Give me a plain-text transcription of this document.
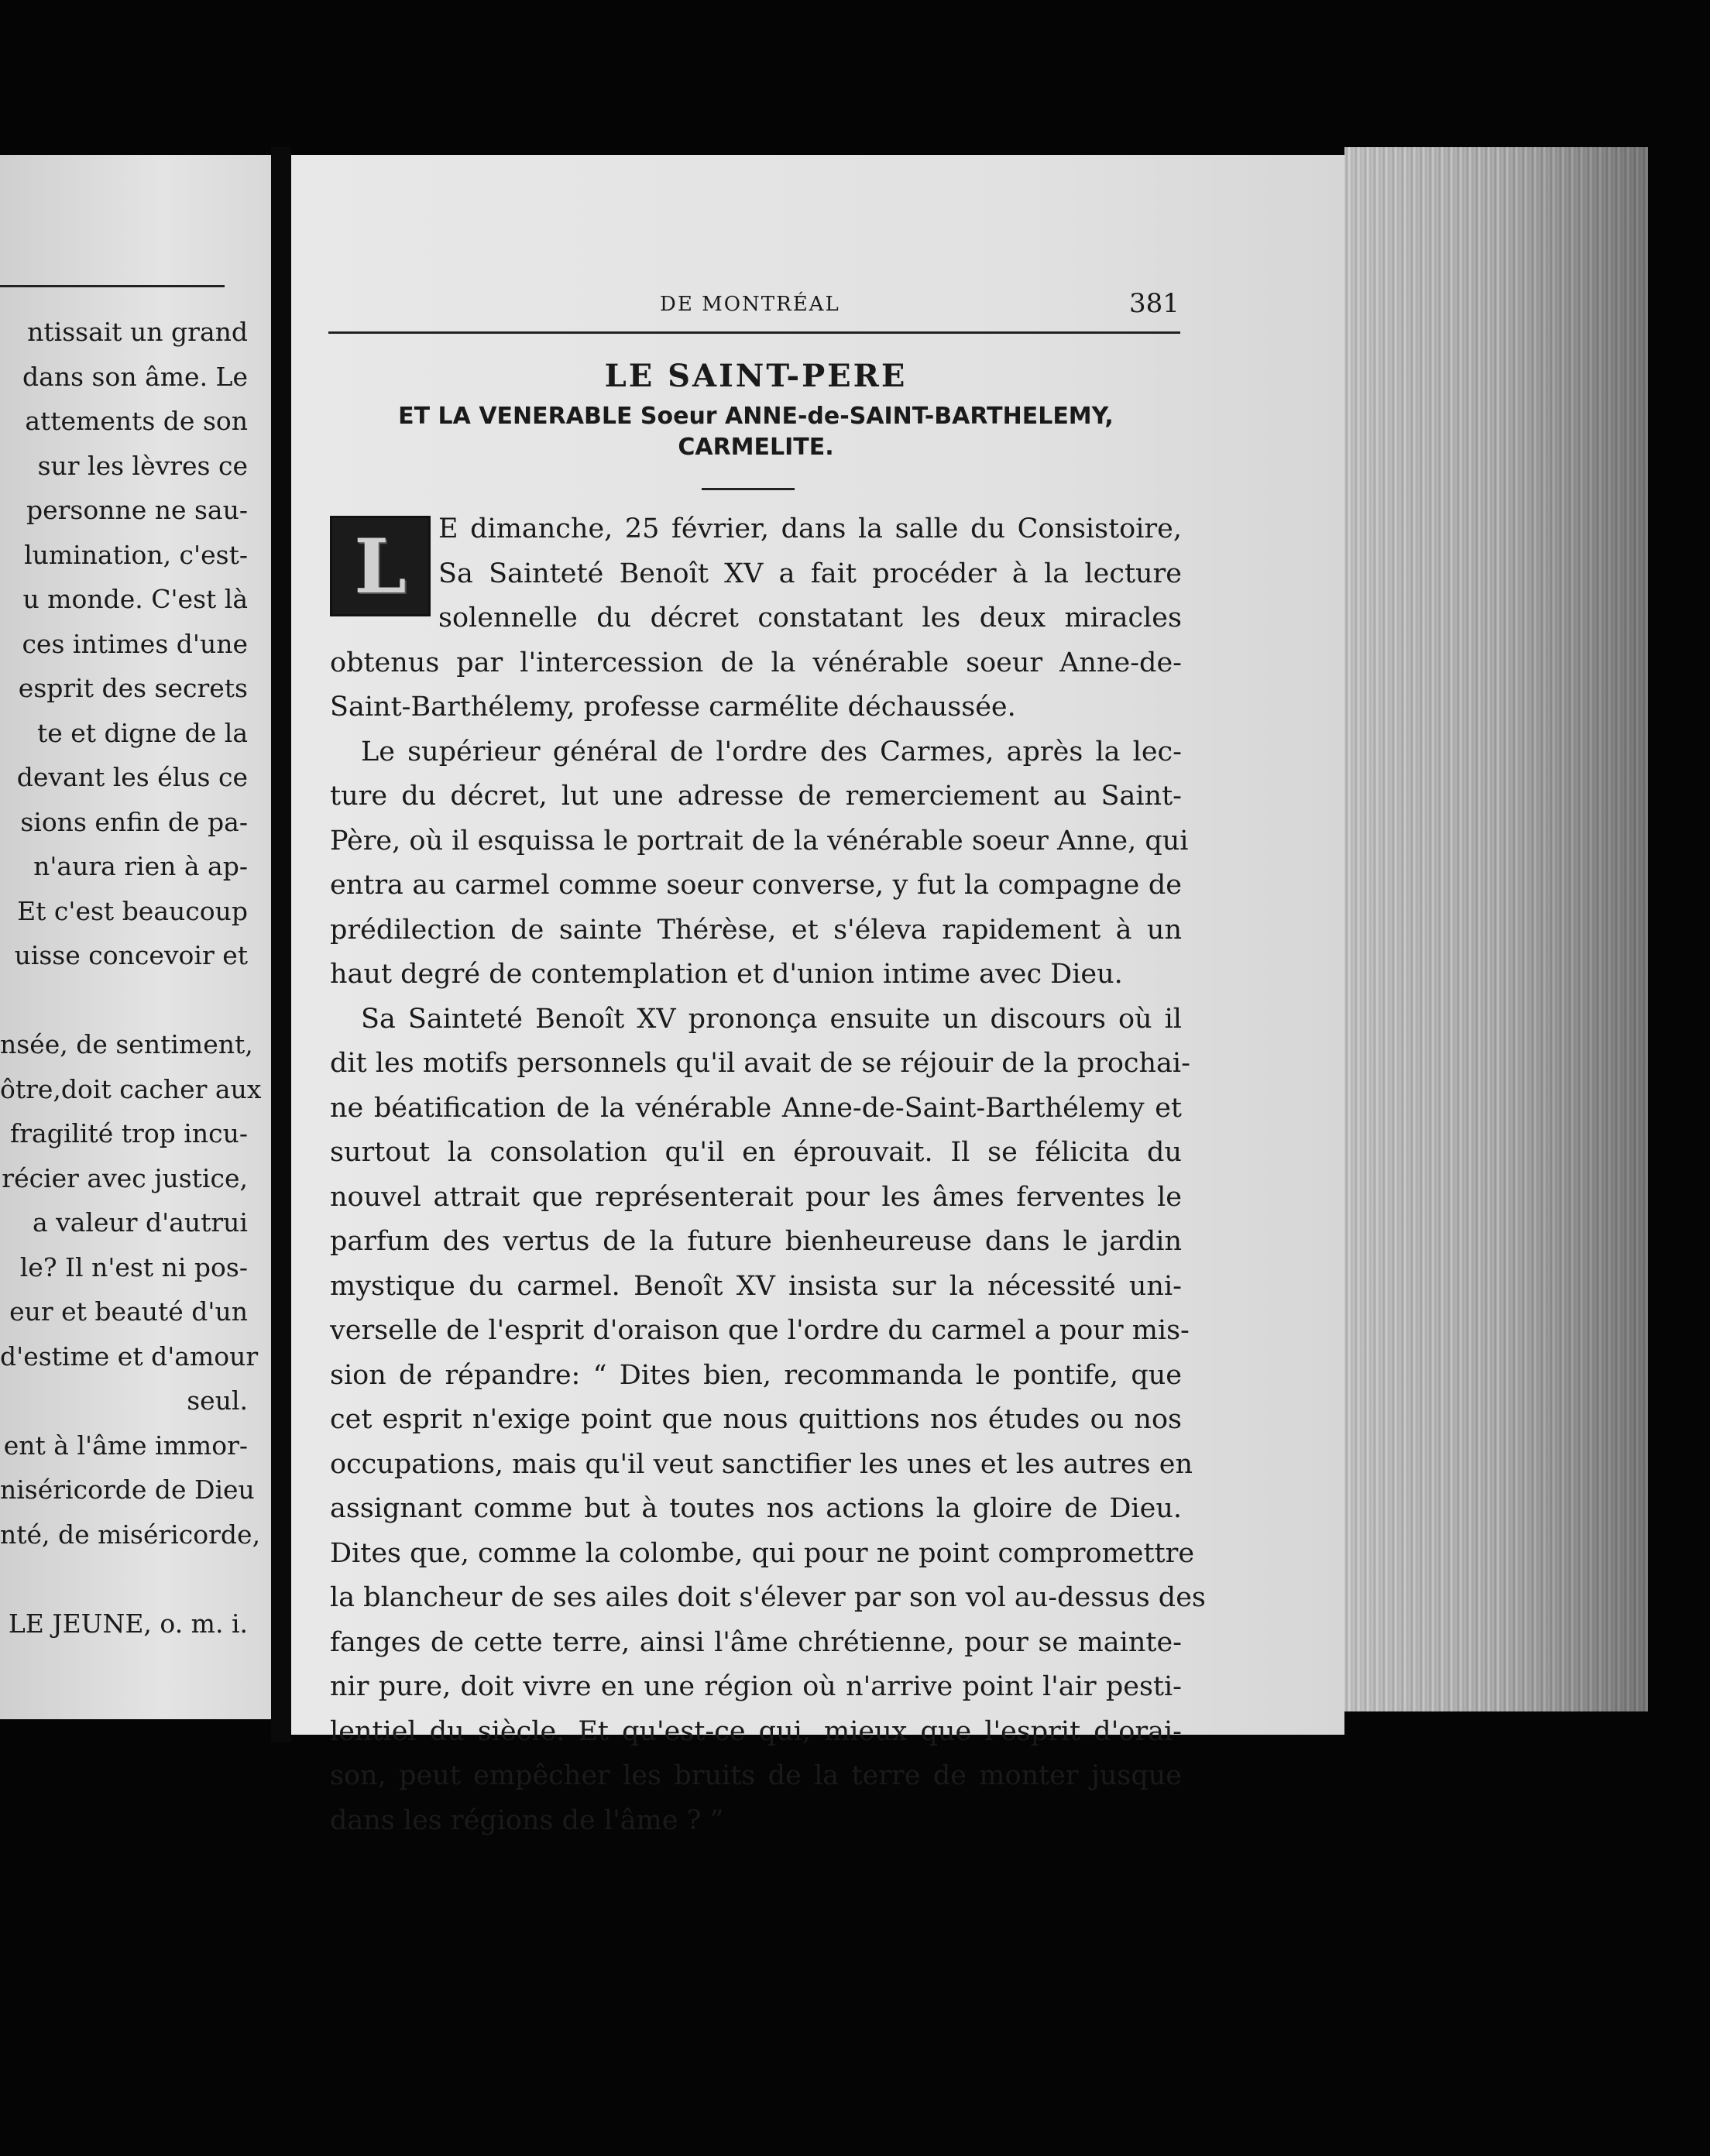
ntissait un grand
dans son âme. Le
attements de son
sur les lèvres ce
personne ne sau-
lumination, c'est-
u monde. C'est là
ces intimes d'une
esprit des secrets
te et digne de la
devant les élus ce
sions enfin de pa-
n'aura rien à ap-
Et c'est beaucoup
uisse concevoir et
nsée, de sentiment,
ôtre,doit cacher aux
fragilité trop incu-
récier avec justice,
a valeur d'autrui
le? Il n'est ni pos-
eur et beauté d'un
d'estime et d'amour
seul.
ent à l'âme immor-
niséricorde de Dieu
nté, de miséricorde,
LE JEUNE, o. m. i.
DE MONTRÉAL	381
LE SAINT-PERE
ET LA VENERABLE Soeur ANNE-de-SAINT-BARTHELEMY,
CARMELITE.
L	E dimanche, 25 février, dans la salle du Consistoire,
Sa Sainteté Benoît XV a fait procéder à la lecture
solennelle du décret constatant les deux miracles
obtenus par l'intercession de la vénérable soeur Anne-de-
Saint-Barthélemy, professe carmélite déchaussée.
Le supérieur général de l'ordre des Carmes, après la lec-
ture du décret, lut une adresse de remerciement au Saint-
Père, où il esquissa le portrait de la vénérable soeur Anne, qui
entra au carmel comme soeur converse, y fut la compagne de
prédilection de sainte Thérèse, et s'éleva rapidement à un
haut degré de contemplation et d'union intime avec Dieu.
Sa Sainteté Benoît XV prononça ensuite un discours où il
dit les motifs personnels qu'il avait de se réjouir de la prochai-
ne béatification de la vénérable Anne-de-Saint-Barthélemy et
surtout la consolation qu'il en éprouvait. Il se félicita du
nouvel attrait que représenterait pour les âmes ferventes le
parfum des vertus de la future bienheureuse dans le jardin
mystique du carmel. Benoît XV insista sur la nécessité uni-
verselle de l'esprit d'oraison que l'ordre du carmel a pour mis-
sion de répandre: “ Dites bien, recommanda le pontife, que
cet esprit n'exige point que nous quittions nos études ou nos
occupations, mais qu'il veut sanctifier les unes et les autres en
assignant comme but à toutes nos actions la gloire de Dieu.
Dites que, comme la colombe, qui pour ne point compromettre
la blancheur de ses ailes doit s'élever par son vol au-dessus des
fanges de cette terre, ainsi l'âme chrétienne, pour se mainte-
nir pure, doit vivre en une région où n'arrive point l'air pesti-
lentiel du siècle. Et qu'est-ce qui, mieux que l'esprit d'orai-
son, peut empêcher les bruits de la terre de monter jusque
dans les régions de l'âme ? ”
